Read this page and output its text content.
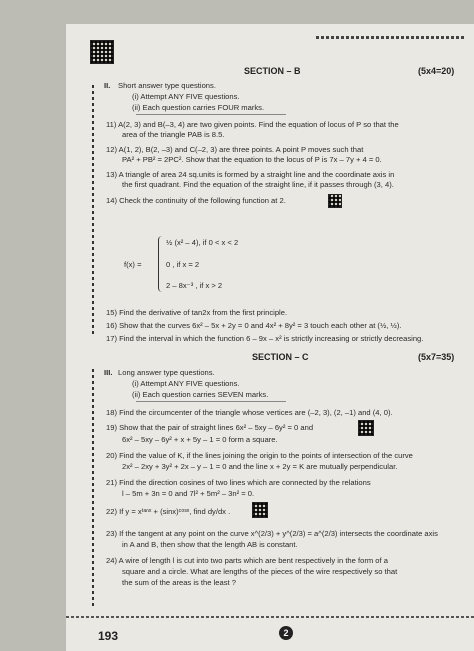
SECTION – B	(5x4=20)
II. Short answer type questions.
(i) Attempt ANY FIVE questions.
(ii) Each question carries FOUR marks.
11) A(2, 3) and B(–3, 4) are two given points. Find the equation of locus of P so that the
area of the triangle PAB is 8.5.
12) A(1, 2), B(2, –3) and C(–2, 3) are three points. A point P moves such that
PA² + PB² = 2PC². Show that the equation to the locus of P is 7x – 7y + 4 = 0.
13) A triangle of area 24 sq.units is formed by a straight line and the coordinate axis in
the first quadrant. Find the equation of the straight line, if it passes through (3, 4).
14) Check the continuity of the following function at 2.
f(x) =
½ (x² – 4), if 0 < x < 2
0 , if x = 2
2 – 8x⁻³ , if x > 2
15) Find the derivative of tan2x from the first principle.
16) Show that the curves 6x² – 5x + 2y = 0 and 4x² + 8y² = 3 touch each other at (½, ½).
17) Find the interval in which the function 6 – 9x – x² is strictly increasing or strictly decreasing.
SECTION – C	(5x7=35)
III. Long answer type questions.
(i) Attempt ANY FIVE questions.
(ii) Each question carries SEVEN marks.
18) Find the circumcenter of the triangle whose vertices are (–2, 3), (2, –1) and (4, 0).
19) Show that the pair of straight lines 6x² – 5xy – 6y² = 0 and
6x² – 5xy – 6y² + x + 5y – 1 = 0 form a square.
20) Find the value of K, if the lines joining the origin to the points of intersection of the curve
2x² – 2xy + 3y² + 2x – y – 1 = 0 and the line x + 2y = K are mutually perpendicular.
21) Find the direction cosines of two lines which are connected by the relations
l – 5m + 3n = 0 and 7l² + 5m² – 3n² = 0.
22) If y = xᵗᵃⁿˣ + (sinx)ᶜᵒˢˣ, find dy/dx .
23) If the tangent at any point on the curve x^(2/3) + y^(2/3) = a^(2/3) intersects the coordinate axis
in A and B, then show that the length AB is constant.
24) A wire of length l is cut into two parts which are bent respectively in the form of a
square and a circle. What are lengths of the pieces of the wire respectively so that
the sum of the areas is the least ?
193	2
